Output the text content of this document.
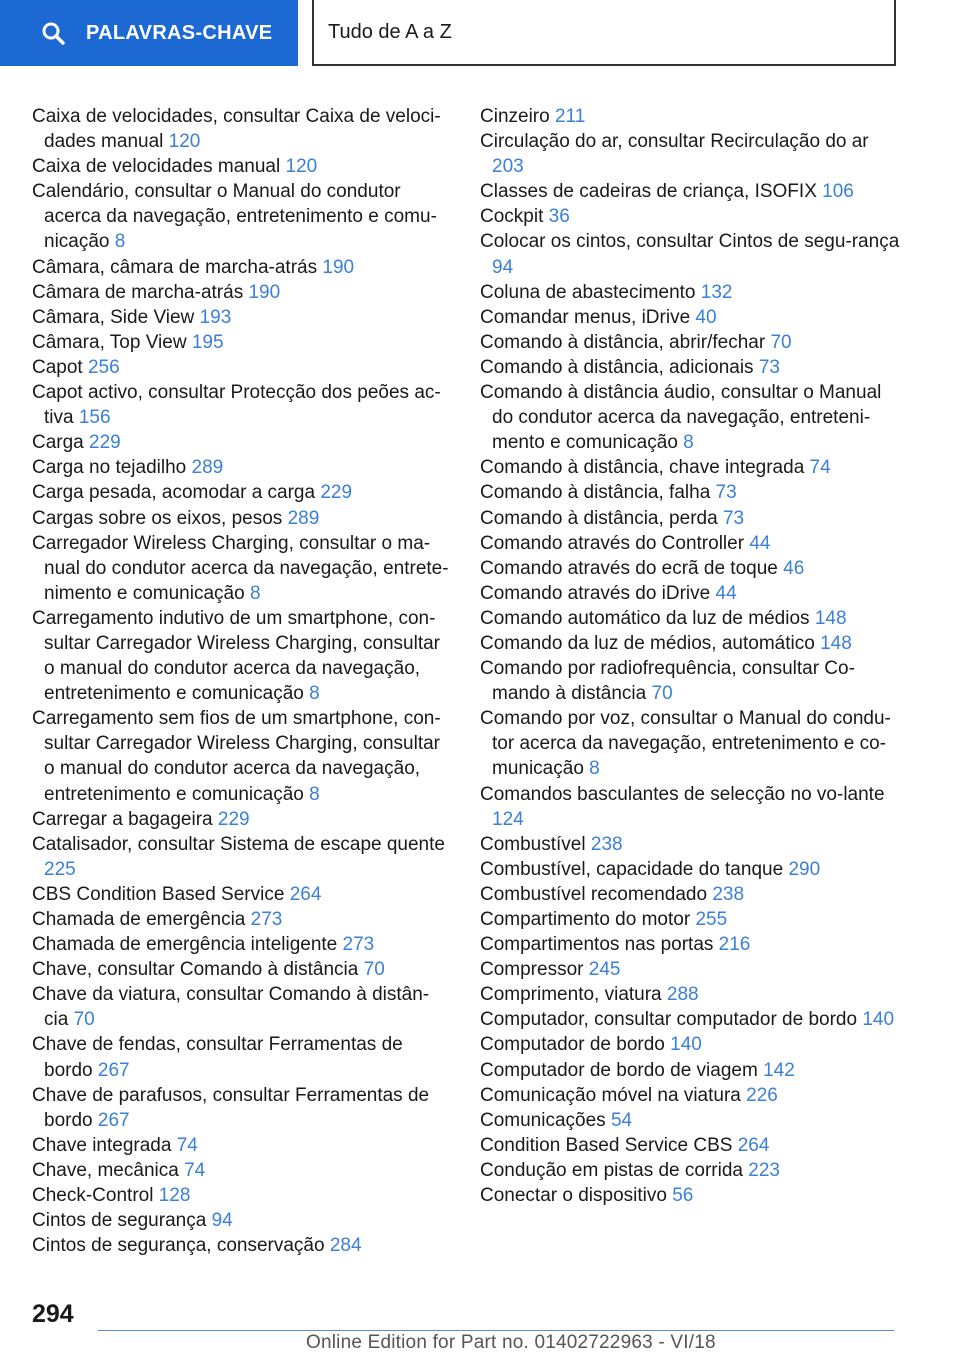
PALAVRAS-CHAVE	Tudo de A a Z

Caixa de velocidades, consultar Caixa de veloci-dades manual 120

Caixa de velocidades manual 120

Calendário, consultar o Manual do condutor acerca da navegação, entretenimento e comu-nicação 8

Câmara, câmara de marcha-atrás 190

Câmara de marcha-atrás 190

Câmara, Side View 193

Câmara, Top View 195

Capot 256

Capot activo, consultar Protecção dos peões ac-tiva 156

Carga 229

Carga no tejadilho 289

Carga pesada, acomodar a carga 229

Cargas sobre os eixos, pesos 289

Carregador Wireless Charging, consultar o ma-nual do condutor acerca da navegação, entrete-nimento e comunicação 8

Carregamento indutivo de um smartphone, con-sultar Carregador Wireless Charging, consultar o manual do condutor acerca da navegação, entretenimento e comunicação 8

Carregamento sem fios de um smartphone, con-sultar Carregador Wireless Charging, consultar o manual do condutor acerca da navegação, entretenimento e comunicação 8

Carregar a bagageira 229

Catalisador, consultar Sistema de escape quente 225

CBS Condition Based Service 264

Chamada de emergência 273

Chamada de emergência inteligente 273

Chave, consultar Comando à distância 70

Chave da viatura, consultar Comando à distân-cia 70

Chave de fendas, consultar Ferramentas de bordo 267

Chave de parafusos, consultar Ferramentas de bordo 267

Chave integrada 74

Chave, mecânica 74

Check-Control 128

Cintos de segurança 94

Cintos de segurança, conservação 284

Cinzeiro 211

Circulação do ar, consultar Recirculação do ar 203

Classes de cadeiras de criança, ISOFIX 106

Cockpit 36

Colocar os cintos, consultar Cintos de segu-rança 94

Coluna de abastecimento 132

Comandar menus, iDrive 40

Comando à distância, abrir/fechar 70

Comando à distância, adicionais 73

Comando à distância áudio, consultar o Manual do condutor acerca da navegação, entreteni-mento e comunicação 8

Comando à distância, chave integrada 74

Comando à distância, falha 73

Comando à distância, perda 73

Comando através do Controller 44

Comando através do ecrã de toque 46

Comando através do iDrive 44

Comando automático da luz de médios 148

Comando da luz de médios, automático 148

Comando por radiofrequência, consultar Co-mando à distância 70

Comando por voz, consultar o Manual do condu-tor acerca da navegação, entretenimento e co-municação 8

Comandos basculantes de selecção no vo-lante 124

Combustível 238

Combustível, capacidade do tanque 290

Combustível recomendado 238

Compartimento do motor 255

Compartimentos nas portas 216

Compressor 245

Comprimento, viatura 288

Computador, consultar computador de bordo 140

Computador de bordo 140

Computador de bordo de viagem 142

Comunicação móvel na viatura 226

Comunicações 54

Condition Based Service CBS 264

Condução em pistas de corrida 223

Conectar o dispositivo 56

294
Online Edition for Part no. 01402722963 - VI/18
